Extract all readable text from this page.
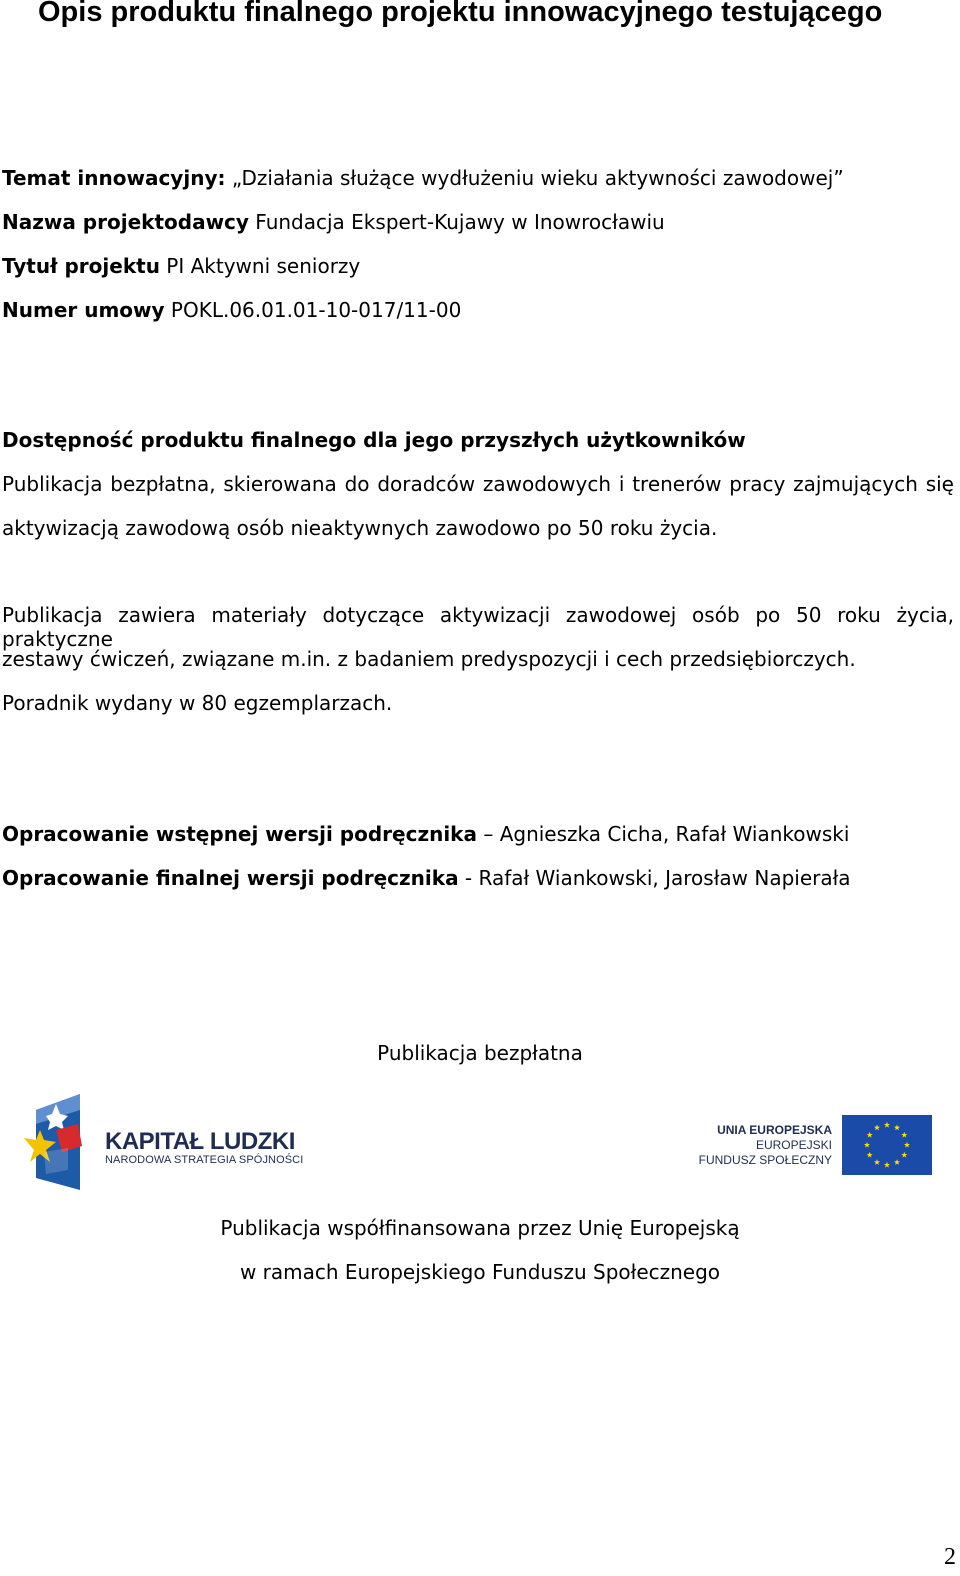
Opis produktu finalnego projektu innowacyjnego testującego
Temat innowacyjny: „Działania służące wydłużeniu wieku aktywności zawodowej”
Nazwa projektodawcy Fundacja Ekspert-Kujawy w Inowrocławiu
Tytuł projektu PI Aktywni seniorzy
Numer umowy POKL.06.01.01-10-017/11-00
Dostępność produktu finalnego dla jego przyszłych użytkowników
Publikacja bezpłatna, skierowana do doradców zawodowych i trenerów pracy zajmujących się
aktywizacją zawodową osób nieaktywnych zawodowo po 50 roku życia.
Publikacja zawiera materiały dotyczące aktywizacji zawodowej osób po 50 roku życia, praktyczne
zestawy ćwiczeń, związane m.in. z badaniem predyspozycji i cech przedsiębiorczych.
Poradnik wydany w 80 egzemplarzach.
Opracowanie wstępnej wersji podręcznika – Agnieszka Cicha, Rafał Wiankowski
Opracowanie finalnej wersji podręcznika - Rafał Wiankowski, Jarosław Napierała
Publikacja bezpłatna
KAPITAŁ LUDZKI
NARODOWA STRATEGIA SPÓJNOŚCI
UNIA EUROPEJSKA
EUROPEJSKI
FUNDUSZ SPOŁECZNY
Publikacja współfinansowana przez Unię Europejską
w ramach Europejskiego Funduszu Społecznego
2
